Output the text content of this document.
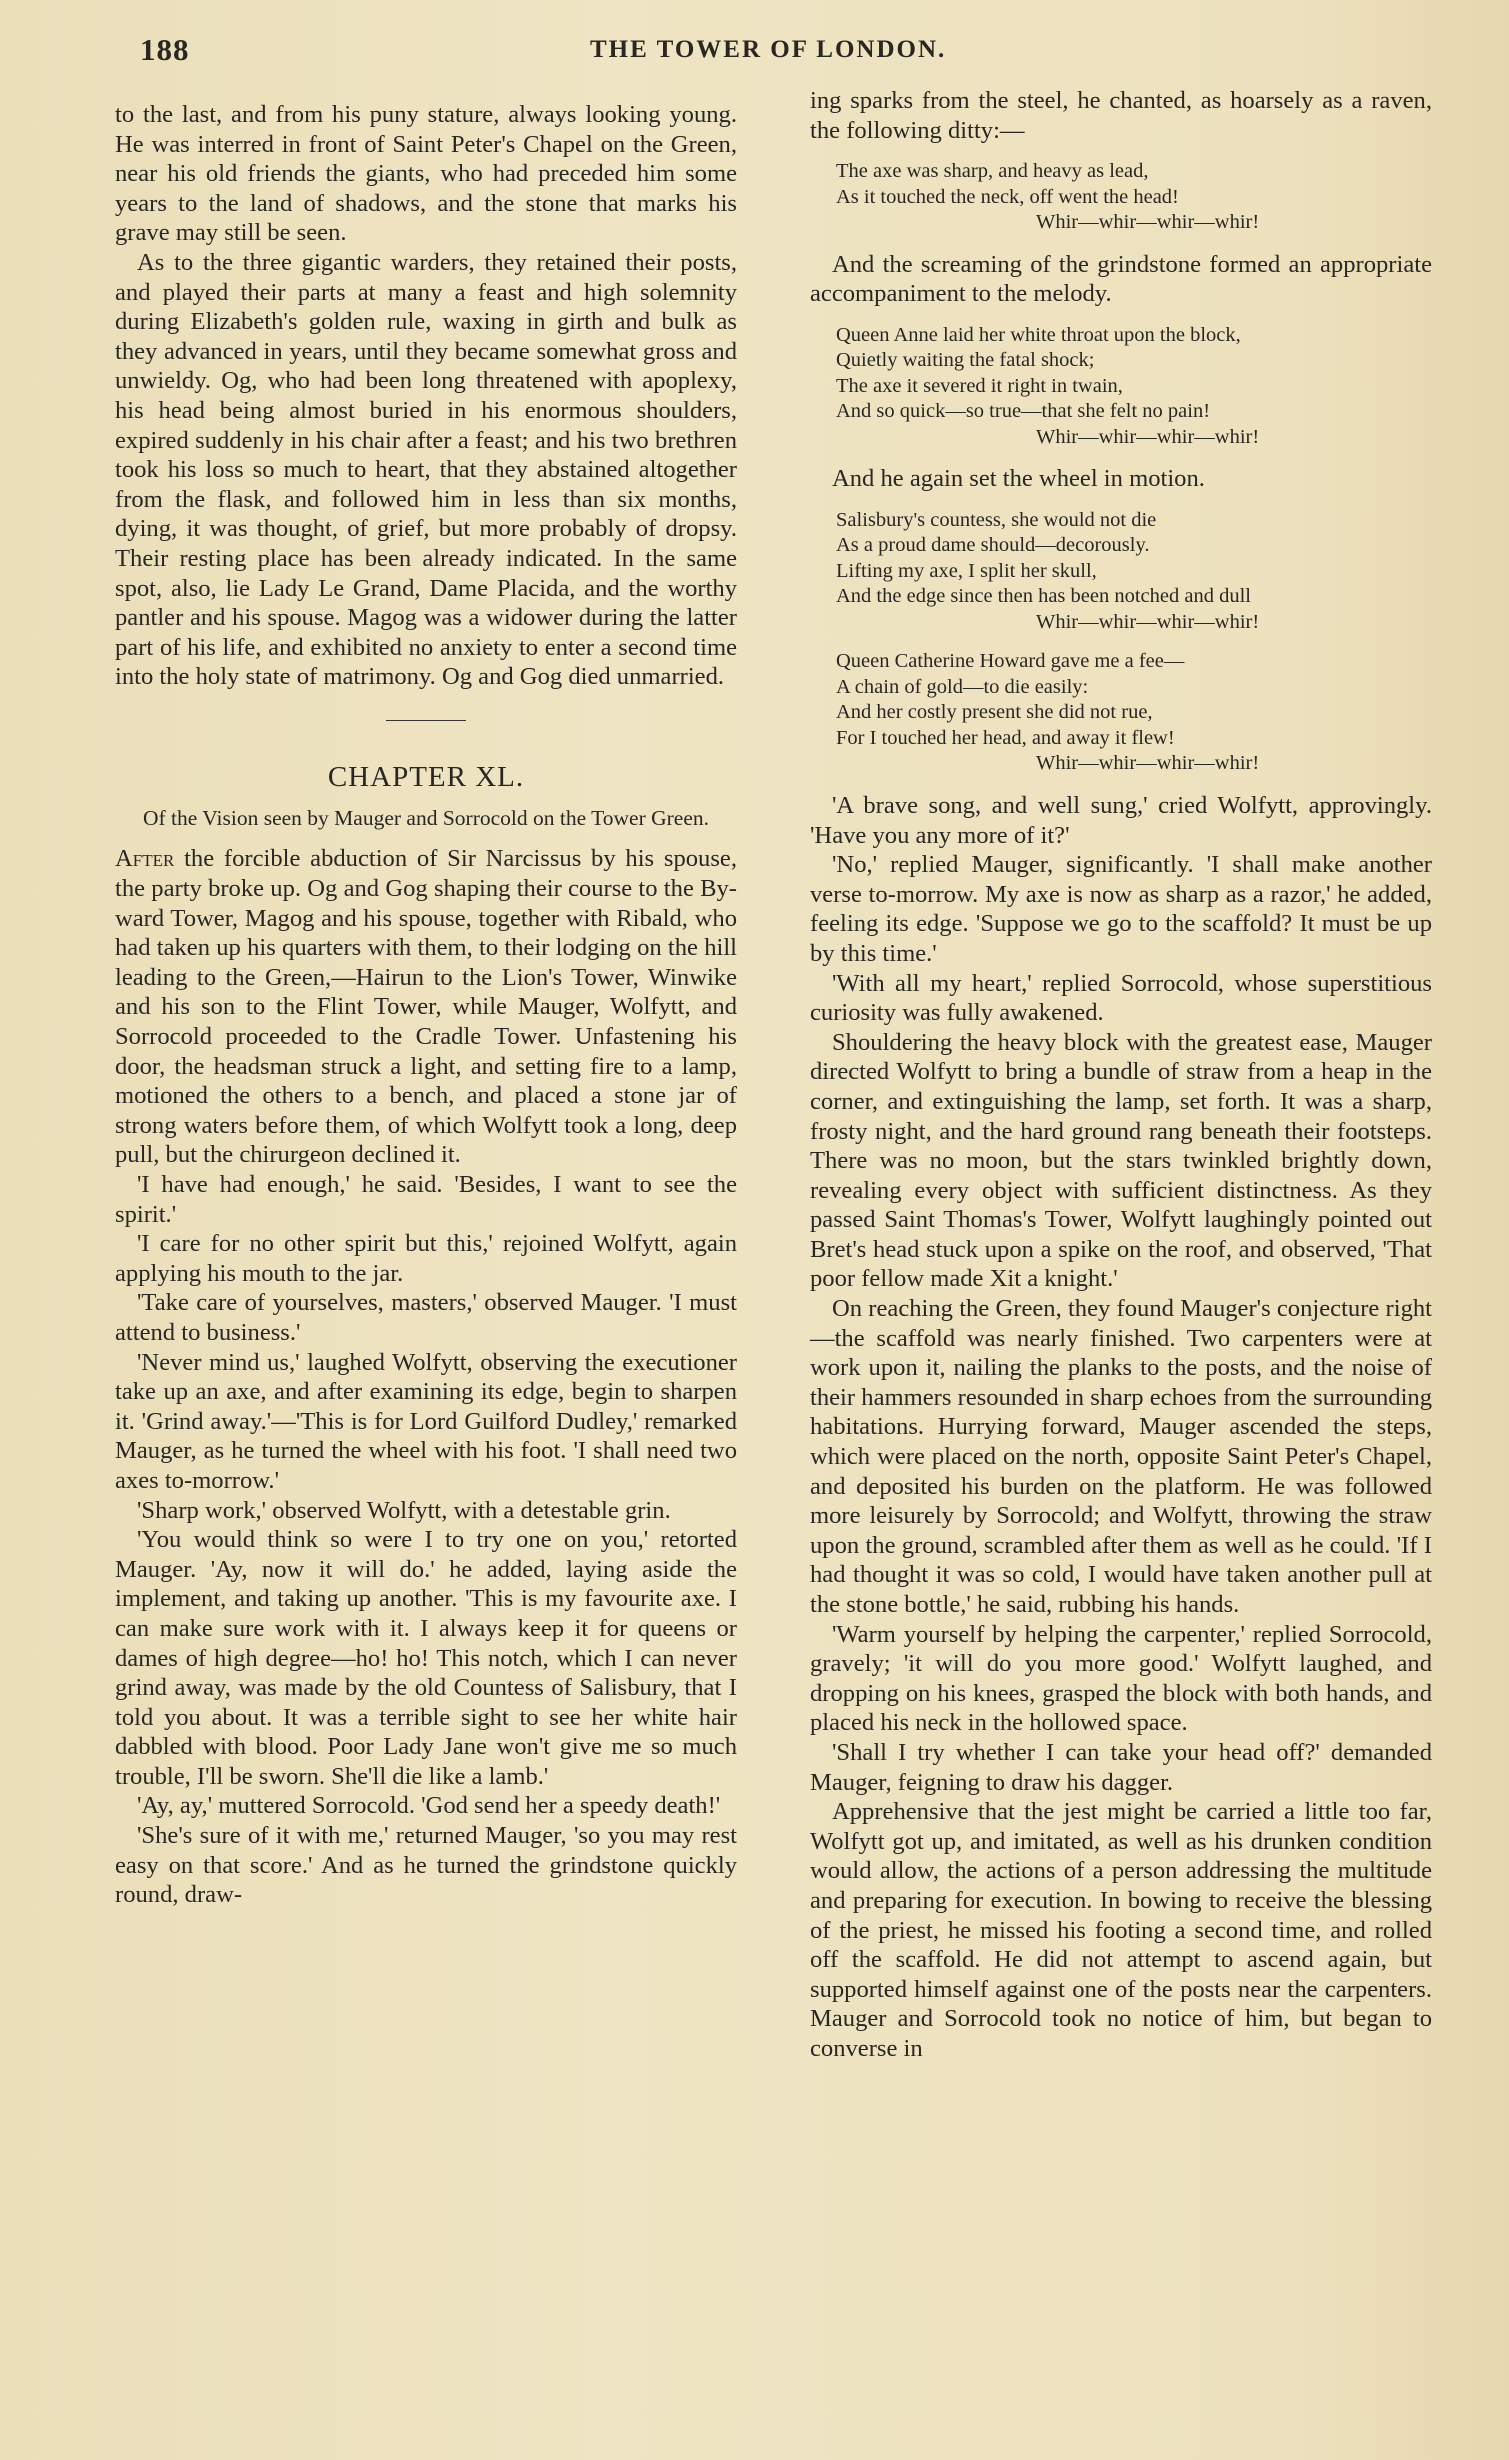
188	THE TOWER OF LONDON.

to the last, and from his puny stature, always looking young. He was interred in front of Saint Peter's Chapel on the Green, near his old friends the giants, who had preceded him some years to the land of shadows, and the stone that marks his grave may still be seen.

As to the three gigantic warders, they retained their posts, and played their parts at many a feast and high solemnity during Elizabeth's golden rule, waxing in girth and bulk as they advanced in years, until they became somewhat gross and unwieldy. Og, who had been long threatened with apoplexy, his head being almost buried in his enormous shoulders, expired suddenly in his chair after a feast; and his two brethren took his loss so much to heart, that they abstained altogether from the flask, and followed him in less than six months, dying, it was thought, of grief, but more probably of dropsy. Their resting place has been already indicated. In the same spot, also, lie Lady Le Grand, Dame Placida, and the worthy pantler and his spouse. Magog was a widower during the latter part of his life, and exhibited no anxiety to enter a second time into the holy state of matrimony. Og and Gog died unmarried.

CHAPTER XL.
Of the Vision seen by Mauger and Sorrocold on the Tower Green.

After the forcible abduction of Sir Narcissus by his spouse, the party broke up. Og and Gog shaping their course to the By-ward Tower, Magog and his spouse, together with Ribald, who had taken up his quarters with them, to their lodging on the hill leading to the Green,—Hairun to the Lion's Tower, Winwike and his son to the Flint Tower, while Mauger, Wolfytt, and Sorrocold proceeded to the Cradle Tower. Unfastening his door, the headsman struck a light, and setting fire to a lamp, motioned the others to a bench, and placed a stone jar of strong waters before them, of which Wolfytt took a long, deep pull, but the chirurgeon declined it.

'I have had enough,' he said. 'Besides, I want to see the spirit.'

'I care for no other spirit but this,' rejoined Wolfytt, again applying his mouth to the jar.

'Take care of yourselves, masters,' observed Mauger. 'I must attend to business.'

'Never mind us,' laughed Wolfytt, observing the executioner take up an axe, and after examining its edge, begin to sharpen it. 'Grind away.'—'This is for Lord Guilford Dudley,' remarked Mauger, as he turned the wheel with his foot. 'I shall need two axes to-morrow.'

'Sharp work,' observed Wolfytt, with a detestable grin.

'You would think so were I to try one on you,' retorted Mauger. 'Ay, now it will do.' he added, laying aside the implement, and taking up another. 'This is my favourite axe. I can make sure work with it. I always keep it for queens or dames of high degree—ho! ho! This notch, which I can never grind away, was made by the old Countess of Salisbury, that I told you about. It was a terrible sight to see her white hair dabbled with blood. Poor Lady Jane won't give me so much trouble, I'll be sworn. She'll die like a lamb.'

'Ay, ay,' muttered Sorrocold. 'God send her a speedy death!'

'She's sure of it with me,' returned Mauger, 'so you may rest easy on that score.' And as he turned the grindstone quickly round, draw-

ing sparks from the steel, he chanted, as hoarsely as a raven, the following ditty:—

The axe was sharp, and heavy as lead,
As it touched the neck, off went the head!
Whir—whir—whir—whir!

And the screaming of the grindstone formed an appropriate accompaniment to the melody.

Queen Anne laid her white throat upon the block,
Quietly waiting the fatal shock;
The axe it severed it right in twain,
And so quick—so true—that she felt no pain!
Whir—whir—whir—whir!

And he again set the wheel in motion.

Salisbury's countess, she would not die
As a proud dame should—decorously.
Lifting my axe, I split her skull,
And the edge since then has been notched and dull
Whir—whir—whir—whir!
Queen Catherine Howard gave me a fee—
A chain of gold—to die easily:
And her costly present she did not rue,
For I touched her head, and away it flew!
Whir—whir—whir—whir!

'A brave song, and well sung,' cried Wolfytt, approvingly. 'Have you any more of it?'

'No,' replied Mauger, significantly. 'I shall make another verse to-morrow. My axe is now as sharp as a razor,' he added, feeling its edge. 'Suppose we go to the scaffold? It must be up by this time.'

'With all my heart,' replied Sorrocold, whose superstitious curiosity was fully awakened.

Shouldering the heavy block with the greatest ease, Mauger directed Wolfytt to bring a bundle of straw from a heap in the corner, and extinguishing the lamp, set forth. It was a sharp, frosty night, and the hard ground rang beneath their footsteps. There was no moon, but the stars twinkled brightly down, revealing every object with sufficient distinctness. As they passed Saint Thomas's Tower, Wolfytt laughingly pointed out Bret's head stuck upon a spike on the roof, and observed, 'That poor fellow made Xit a knight.'

On reaching the Green, they found Mauger's conjecture right—the scaffold was nearly finished. Two carpenters were at work upon it, nailing the planks to the posts, and the noise of their hammers resounded in sharp echoes from the surrounding habitations. Hurrying forward, Mauger ascended the steps, which were placed on the north, opposite Saint Peter's Chapel, and deposited his burden on the platform. He was followed more leisurely by Sorrocold; and Wolfytt, throwing the straw upon the ground, scrambled after them as well as he could. 'If I had thought it was so cold, I would have taken another pull at the stone bottle,' he said, rubbing his hands.

'Warm yourself by helping the carpenter,' replied Sorrocold, gravely; 'it will do you more good.' Wolfytt laughed, and dropping on his knees, grasped the block with both hands, and placed his neck in the hollowed space.

'Shall I try whether I can take your head off?' demanded Mauger, feigning to draw his dagger.

Apprehensive that the jest might be carried a little too far, Wolfytt got up, and imitated, as well as his drunken condition would allow, the actions of a person addressing the multitude and preparing for execution. In bowing to receive the blessing of the priest, he missed his footing a second time, and rolled off the scaffold. He did not attempt to ascend again, but supported himself against one of the posts near the carpenters. Mauger and Sorrocold took no notice of him, but began to converse in
